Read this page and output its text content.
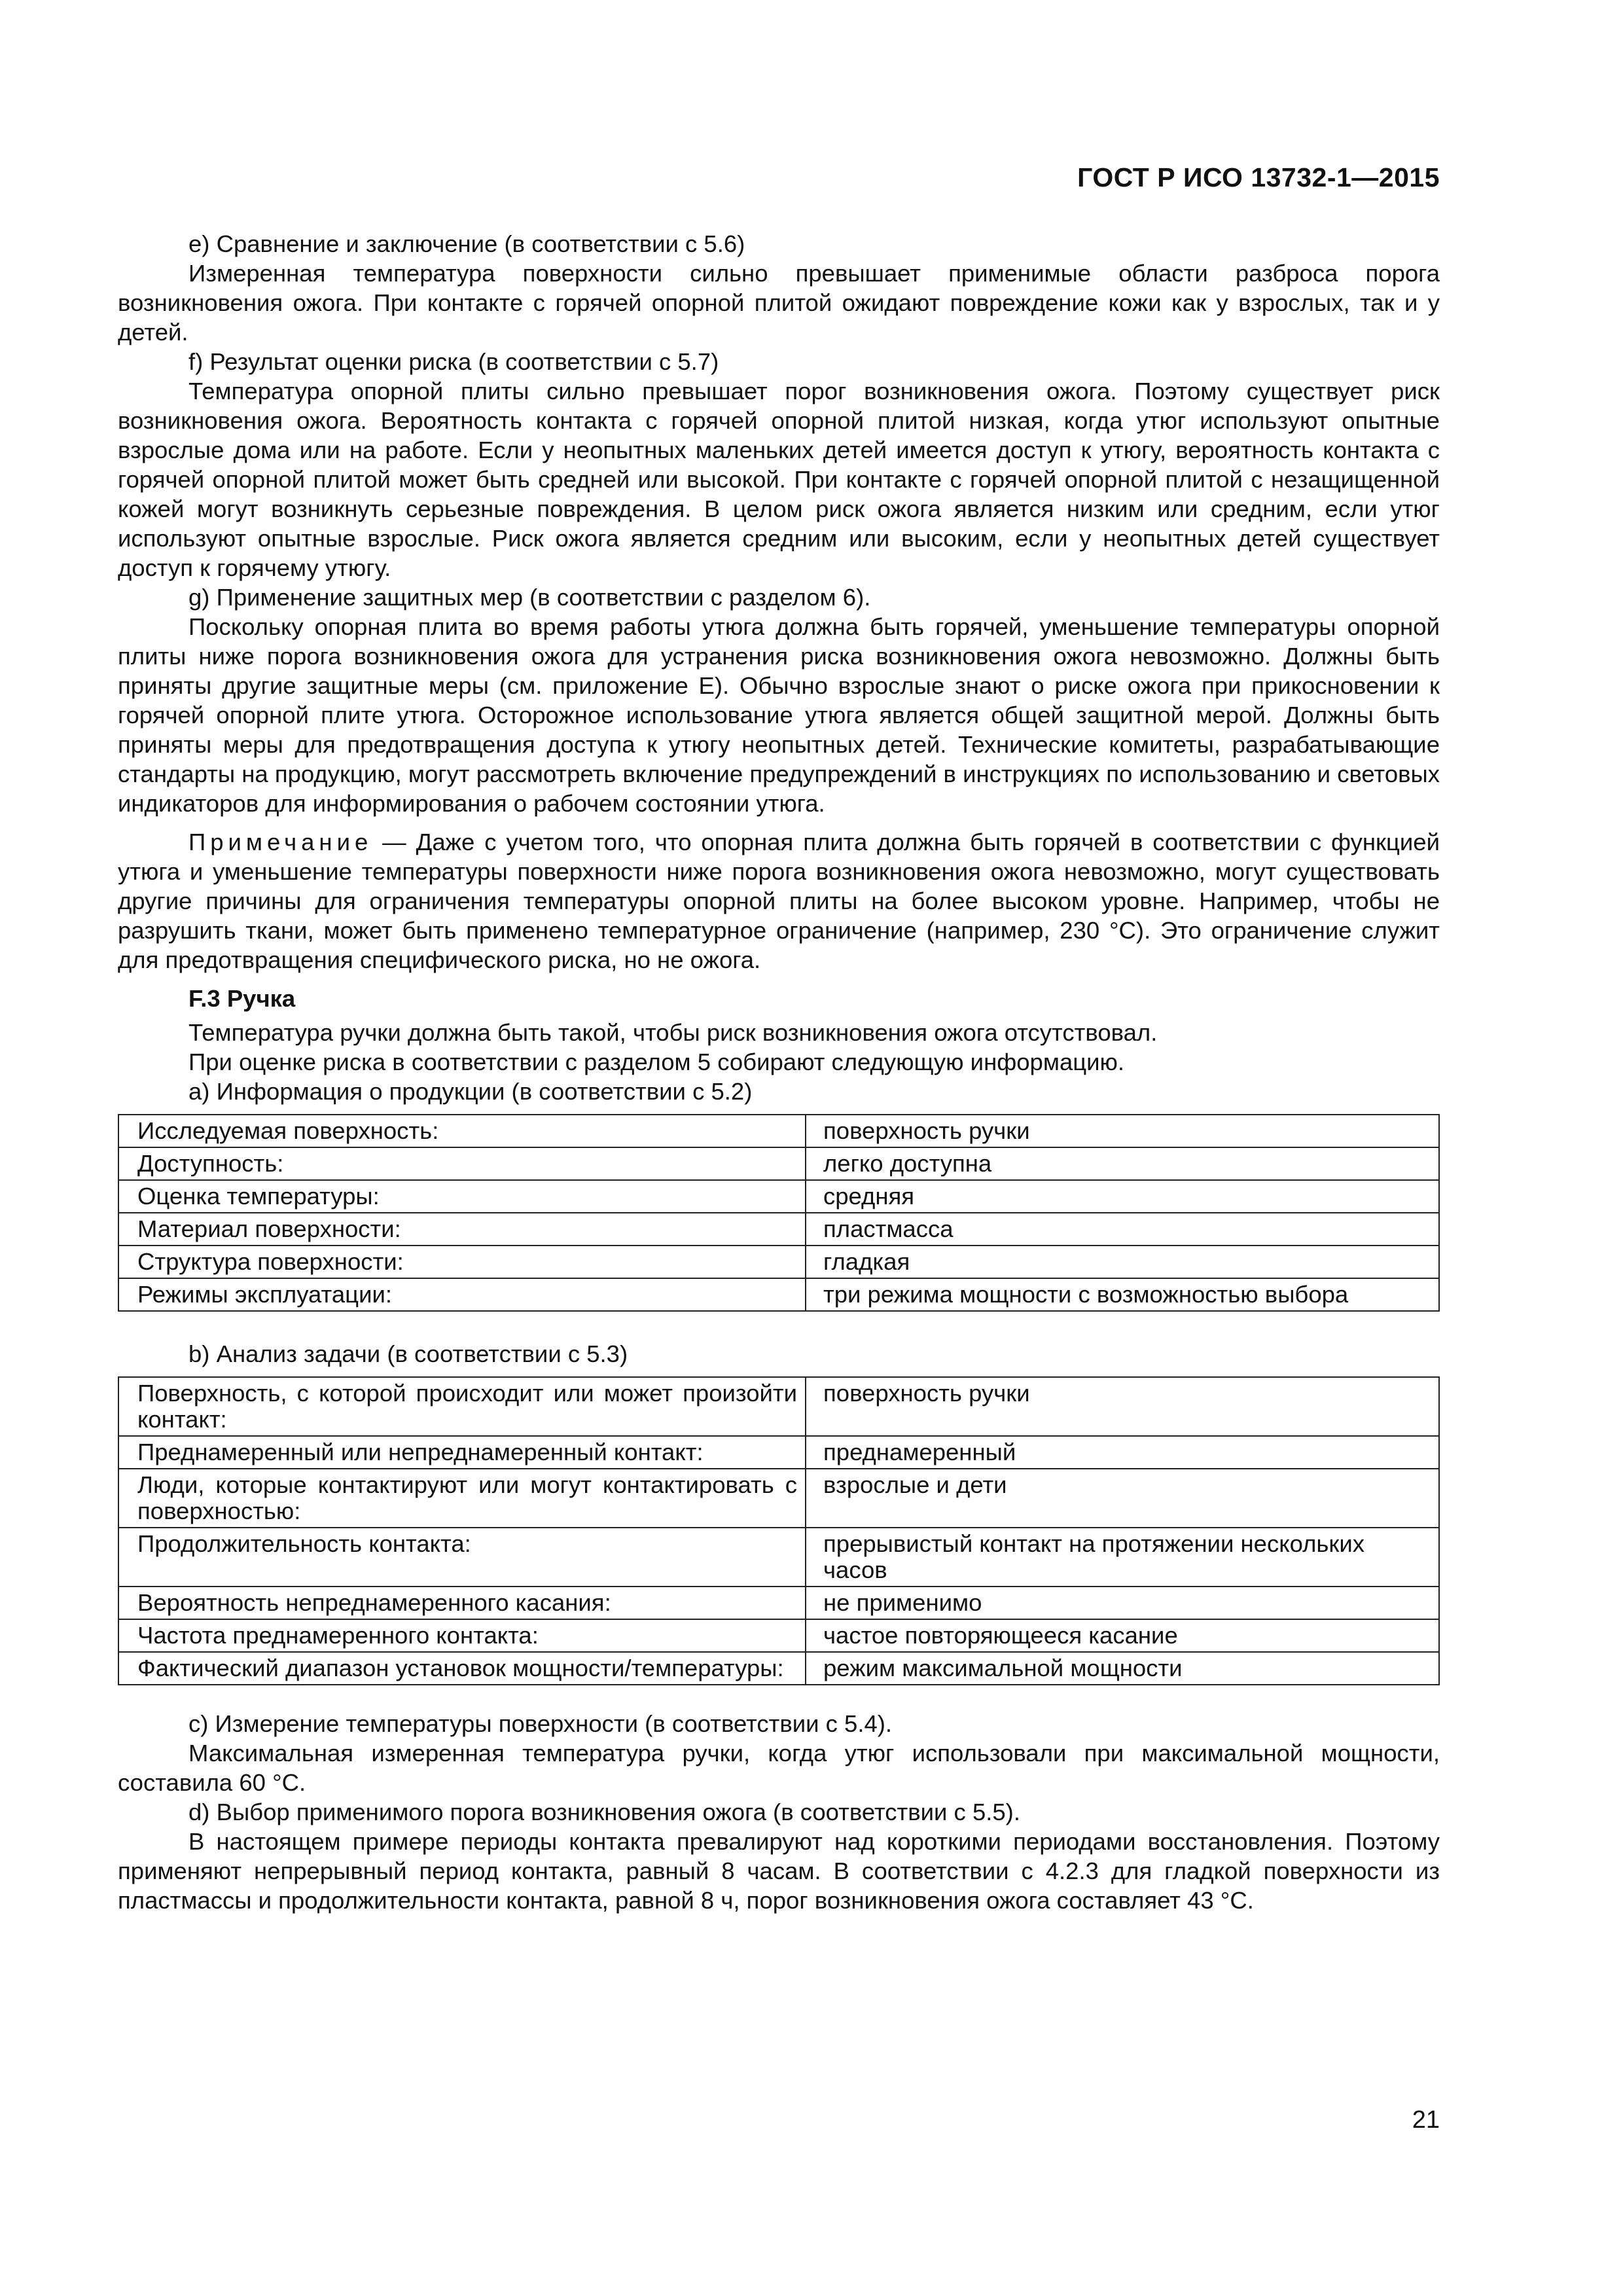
ГОСТ Р ИСО 13732-1—2015

e) Сравнение и заключение (в соответствии с 5.6)

Измеренная температура поверхности сильно превышает применимые области разброса порога возникновения ожога. При контакте с горячей опорной плитой ожидают повреждение кожи как у взрослых, так и у детей.

f) Результат оценки риска (в соответствии с 5.7)

Температура опорной плиты сильно превышает порог возникновения ожога. Поэтому существует риск возникновения ожога. Вероятность контакта с горячей опорной плитой низкая, когда утюг используют опытные взрослые дома или на работе. Если у неопытных маленьких детей имеется доступ к утюгу, вероятность контакта с горячей опорной плитой может быть средней или высокой. При контакте с горячей опорной плитой с незащищенной кожей могут возникнуть серьезные повреждения. В целом риск ожога является низким или средним, если утюг используют опытные взрослые. Риск ожога является средним или высоким, если у неопытных детей существует доступ к горячему утюгу.

g) Применение защитных мер (в соответствии с разделом 6).

Поскольку опорная плита во время работы утюга должна быть горячей, уменьшение температуры опорной плиты ниже порога возникновения ожога для устранения риска возникновения ожога невозможно. Должны быть приняты другие защитные меры (см. приложение Е). Обычно взрослые знают о риске ожога при прикосновении к горячей опорной плите утюга. Осторожное использование утюга является общей защитной мерой. Должны быть приняты меры для предотвращения доступа к утюгу неопытных детей. Технические комитеты, разрабатывающие стандарты на продукцию, могут рассмотреть включение предупреждений в инструкциях по использованию и световых индикаторов для информирования о рабочем состоянии утюга.

Примечание — Даже с учетом того, что опорная плита должна быть горячей в соответствии с функцией утюга и уменьшение температуры поверхности ниже порога возникновения ожога невозможно, могут существовать другие причины для ограничения температуры опорной плиты на более высоком уровне. Например, чтобы не разрушить ткани, может быть применено температурное ограничение (например, 230 °С). Это ограничение служит для предотвращения специфического риска, но не ожога.

F.3 Ручка

Температура ручки должна быть такой, чтобы риск возникновения ожога отсутствовал.

При оценке риска в соответствии с разделом 5 собирают следующую информацию.

а) Информация о продукции (в соответствии с 5.2)

Исследуемая поверхность:	поверхность ручки
Доступность:	легко доступна
Оценка температуры:	средняя
Материал поверхности:	пластмасса
Структура поверхности:	гладкая
Режимы эксплуатации:	три режима мощности с возможностью выбора

b) Анализ задачи (в соответствии с 5.3)

Поверхность, с которой происходит или может произойти контакт:	поверхность ручки
Преднамеренный или непреднамеренный контакт:	преднамеренный
Люди, которые контактируют или могут контактировать с поверхностью:	взрослые и дети
Продолжительность контакта:	прерывистый контакт на протяжении нескольких часов
Вероятность непреднамеренного касания:	не применимо
Частота преднамеренного контакта:	частое повторяющееся касание
Фактический диапазон установок мощности/температуры:	режим максимальной мощности

с) Измерение температуры поверхности (в соответствии с 5.4).

Максимальная измеренная температура ручки, когда утюг использовали при максимальной мощности, составила 60 °С.

d) Выбор применимого порога возникновения ожога (в соответствии с 5.5).

В настоящем примере периоды контакта превалируют над короткими периодами восстановления. Поэтому применяют непрерывный период контакта, равный 8 часам. В соответствии с 4.2.3 для гладкой поверхности из пластмассы и продолжительности контакта, равной 8 ч, порог возникновения ожога составляет 43 °С.

21
